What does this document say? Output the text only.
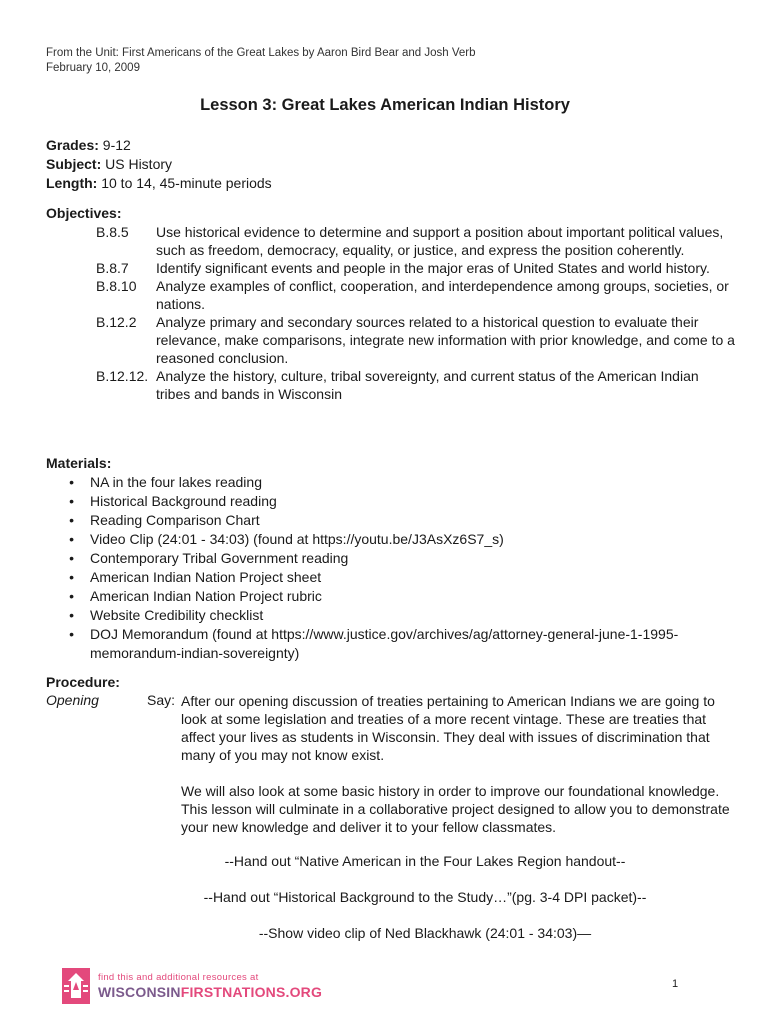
From the Unit: First Americans of the Great Lakes by Aaron Bird Bear and Josh Verb
February 10, 2009
Lesson 3: Great Lakes American Indian History
Grades: 9-12
Subject: US History
Length: 10 to 14, 45-minute periods
Objectives:
B.8.5	Use historical evidence to determine and support a position about important political values, such as freedom, democracy, equality, or justice, and express the position coherently.
B.8.7	Identify significant events and people in the major eras of United States and world history.
B.8.10	Analyze examples of conflict, cooperation, and interdependence among groups, societies, or nations.
B.12.2	Analyze primary and secondary sources related to a historical question to evaluate their relevance, make comparisons, integrate new information with prior knowledge, and come to a reasoned conclusion.
B.12.12. Analyze the history, culture, tribal sovereignty, and current status of the American Indian tribes and bands in Wisconsin
Materials:
•	NA in the four lakes reading
•	Historical Background reading
•	Reading Comparison Chart
•	Video Clip (24:01 - 34:03) (found at https://youtu.be/J3AsXz6S7_s)
•	Contemporary Tribal Government reading
•	American Indian Nation Project sheet
•	American Indian Nation Project rubric
•	Website Credibility checklist
•	DOJ Memorandum (found at https://www.justice.gov/archives/ag/attorney-general-june-1-1995-memorandum-indian-sovereignty)
Procedure:
Opening	Say: After our opening discussion of treaties pertaining to American Indians we are going to look at some legislation and treaties of a more recent vintage. These are treaties that affect your lives as students in Wisconsin. They deal with issues of discrimination that many of you may not know exist.
We will also look at some basic history in order to improve our foundational knowledge. This lesson will culminate in a collaborative project designed to allow you to demonstrate your new knowledge and deliver it to your fellow classmates.
--Hand out “Native American in the Four Lakes Region handout--
--Hand out “Historical Background to the Study…”(pg. 3-4 DPI packet)--
--Show video clip of Ned Blackhawk (24:01 - 34:03)—
find this and additional resources at
WISCONSINFIRSTNATIONS.ORG	1
